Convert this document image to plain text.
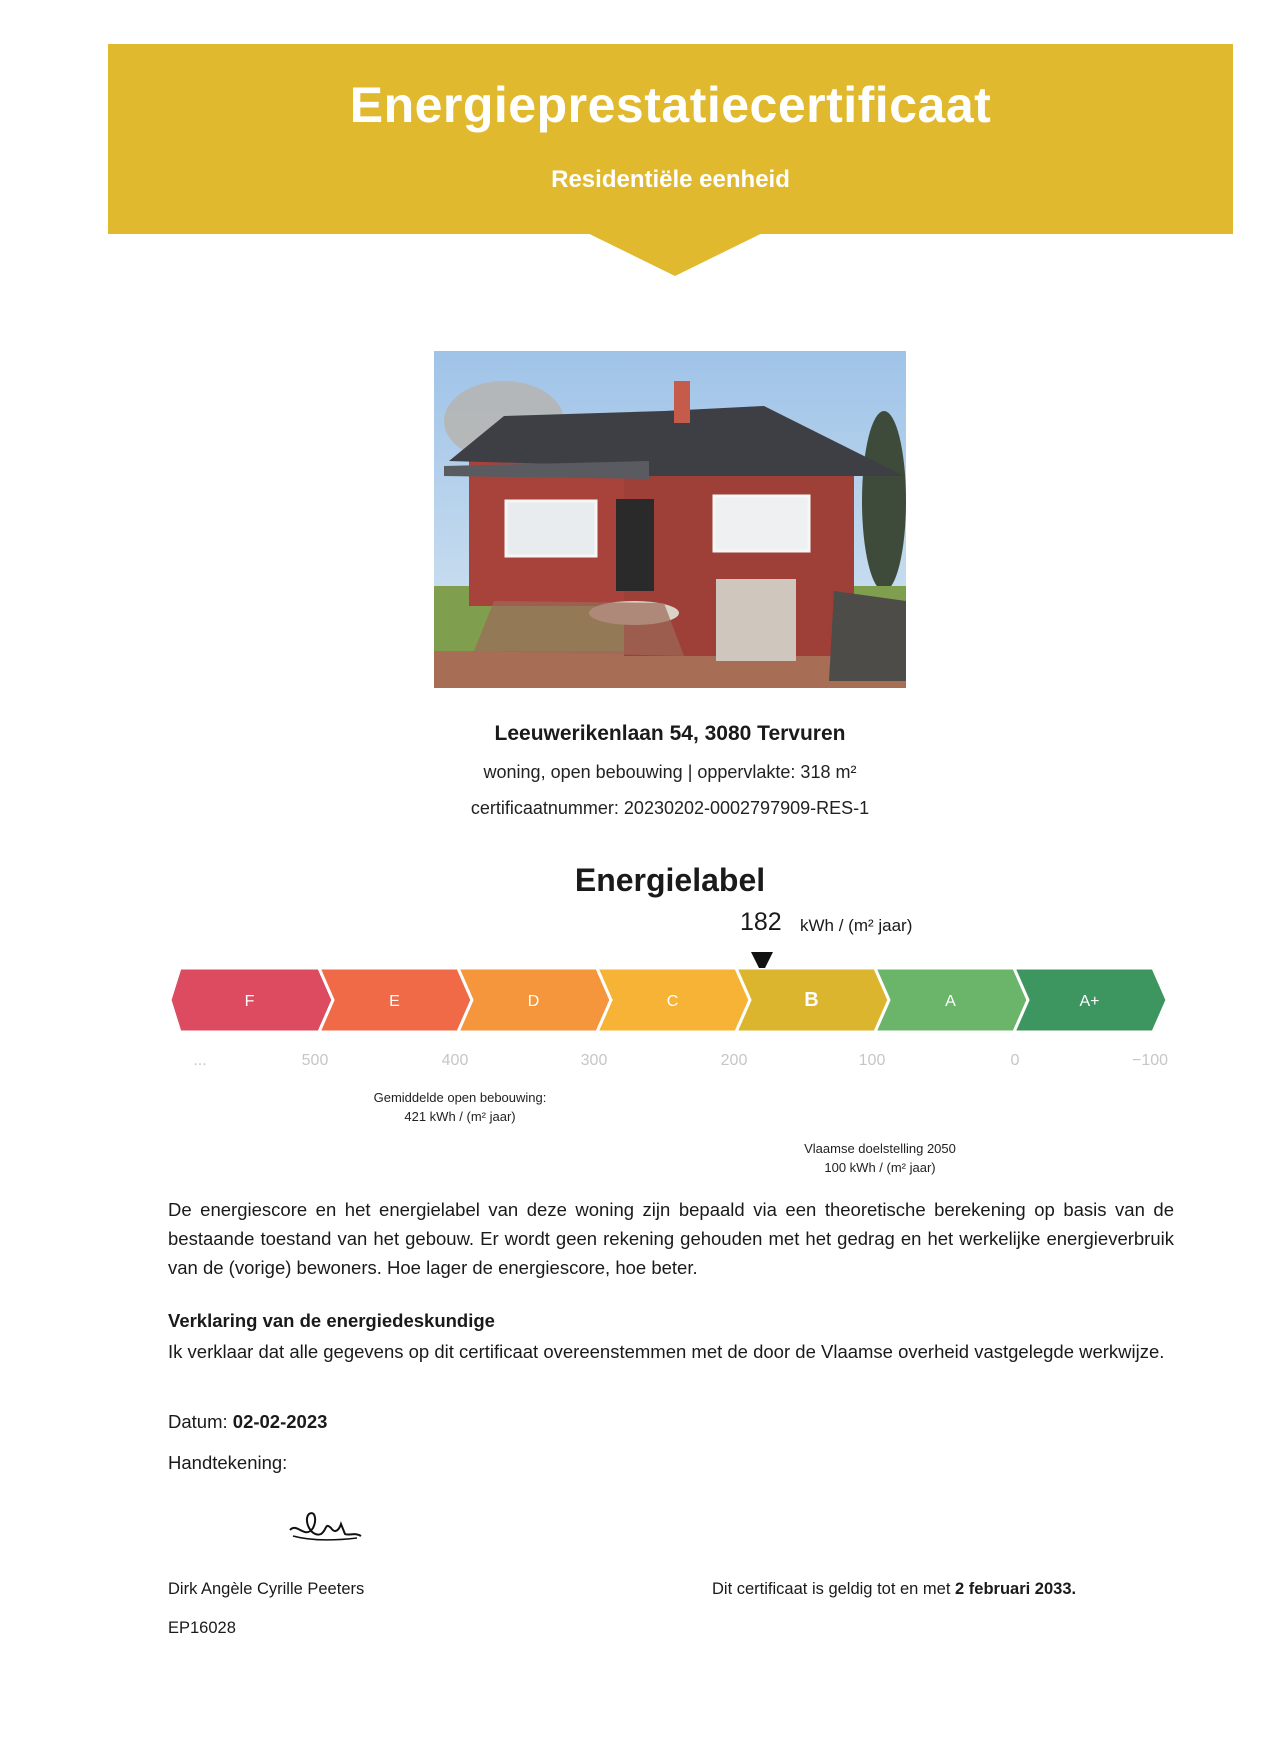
Energieprestatiecertificaat
Residentiële eenheid
Leeuwerikenlaan 54, 3080 Tervuren
woning, open bebouwing | oppervlakte: 318 m²
certificaatnummer: 20230202-0002797909-RES-1
Energielabel
182 kWh / (m² jaar)
F	E	D	C	B	A	A+
...	500	400	300	200	100	0	−100
Gemiddelde open bebouwing:
421 kWh / (m² jaar)
Vlaamse doelstelling 2050
100 kWh / (m² jaar)
De energiescore en het energielabel van deze woning zijn bepaald via een theoretische berekening op basis van de bestaande toestand van het gebouw. Er wordt geen rekening gehouden met het gedrag en het werkelijke energieverbruik van de (vorige) bewoners. Hoe lager de energiescore, hoe beter.
Verklaring van de energiedeskundige
Ik verklaar dat alle gegevens op dit certificaat overeenstemmen met de door de Vlaamse overheid vastgelegde werkwijze.
Datum: 02-02-2023
Handtekening:
Dirk Angèle Cyrille Peeters
EP16028
Dit certificaat is geldig tot en met 2 februari 2033.
